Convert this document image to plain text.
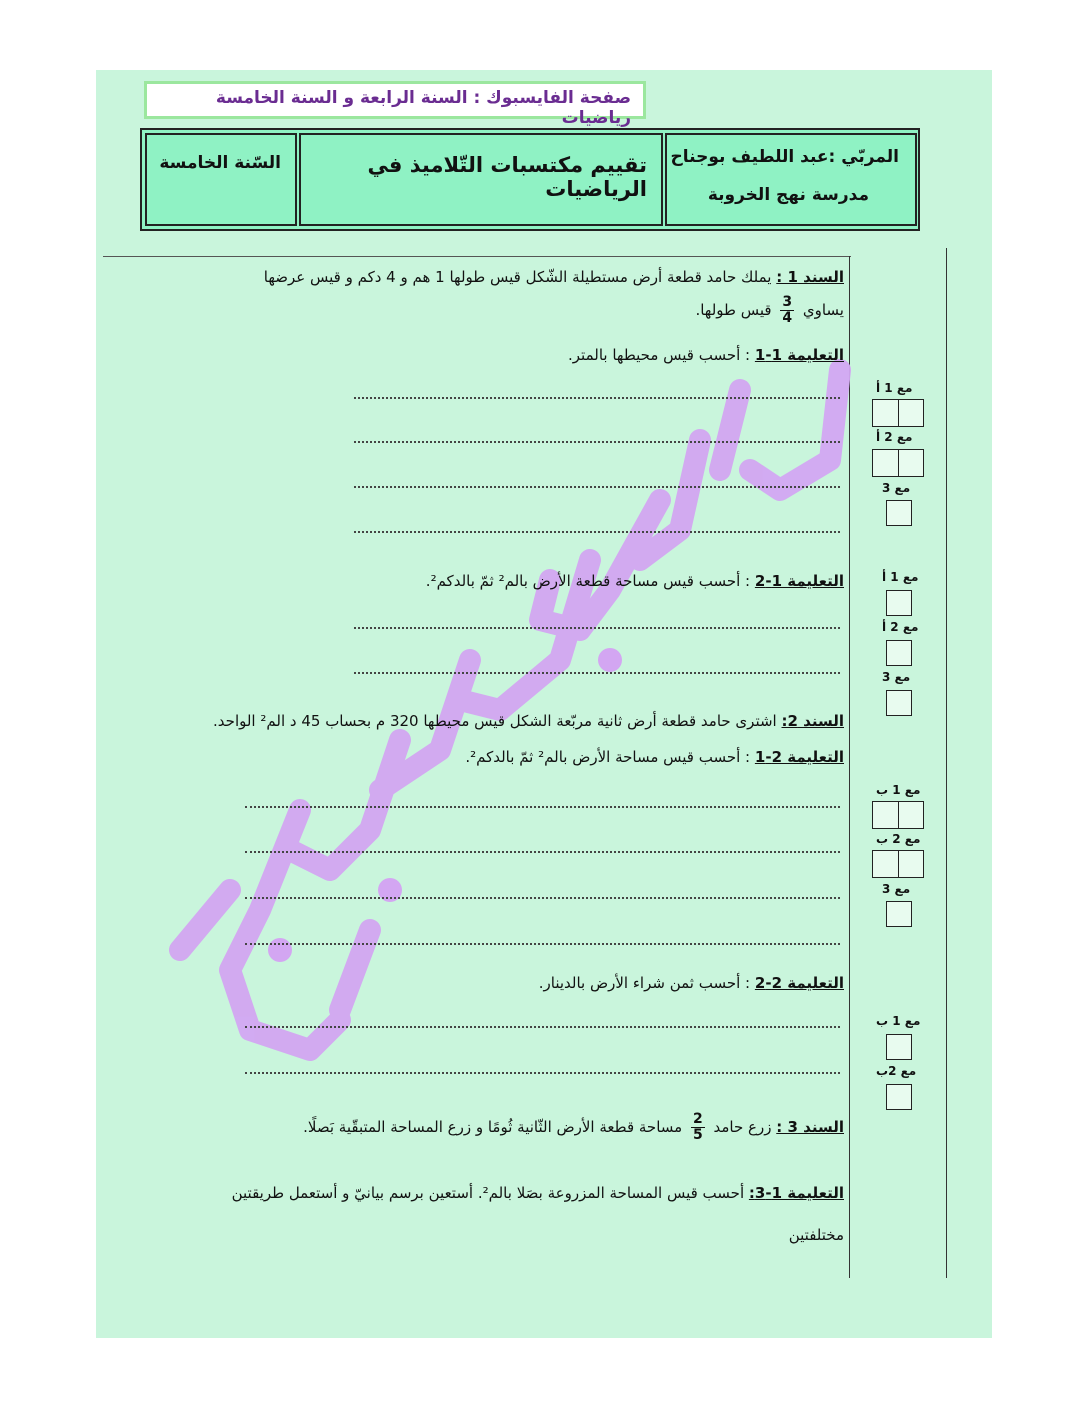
صفحة الفايسبوك : السنة الرابعة و السنة الخامسة رياضيات
المربّي :عبد اللطيف بوجناح
مدرسة نهج الخروبة
تقييم مكتسبات التّلاميذ في الرياضيات
السّنة الخامسة
السند 1 : يملك حامد قطعة أرض مستطيلة الشّكل قيس طولها 1 هم و 4 دكم و قيس عرضها
يساوي
$\frac{3}{4}$
قيس طولها.
التعليمة 1-1 : أحسب قيس محيطها بالمتر.
التعليمة 1-2 : أحسب قيس مساحة قطعة الأرض بالم² ثمّ بالدكم².
السند 2: اشترى حامد قطعة أرض ثانية مربّعة الشكل قيس محيطها 320 م بحساب 45 د الم² الواحد.
التعليمة 2-1 : أحسب قيس مساحة الأرض بالم² ثمّ بالدكم².
التعليمة 2-2 : أحسب ثمن شراء الأرض بالدينار.
السند 3 : زرع حامد
$\frac{2}{5}$
مساحة قطعة الأرض الثّانية ثُومًا و زرع المساحة المتبقّية بَصلًا.
التعليمة 1-3: أحسب قيس المساحة المزروعة بصَلا بالم². أستعين برسم بيانيّ و أستعمل طريقتين
مختلفتين
مع 1 أ
مع 2 أ
مع 3
مع 1 أ
مع 2 أ
مع 3
مع 1 ب
مع 2 ب
مع 3
مع 1 ب
مع 2ب
